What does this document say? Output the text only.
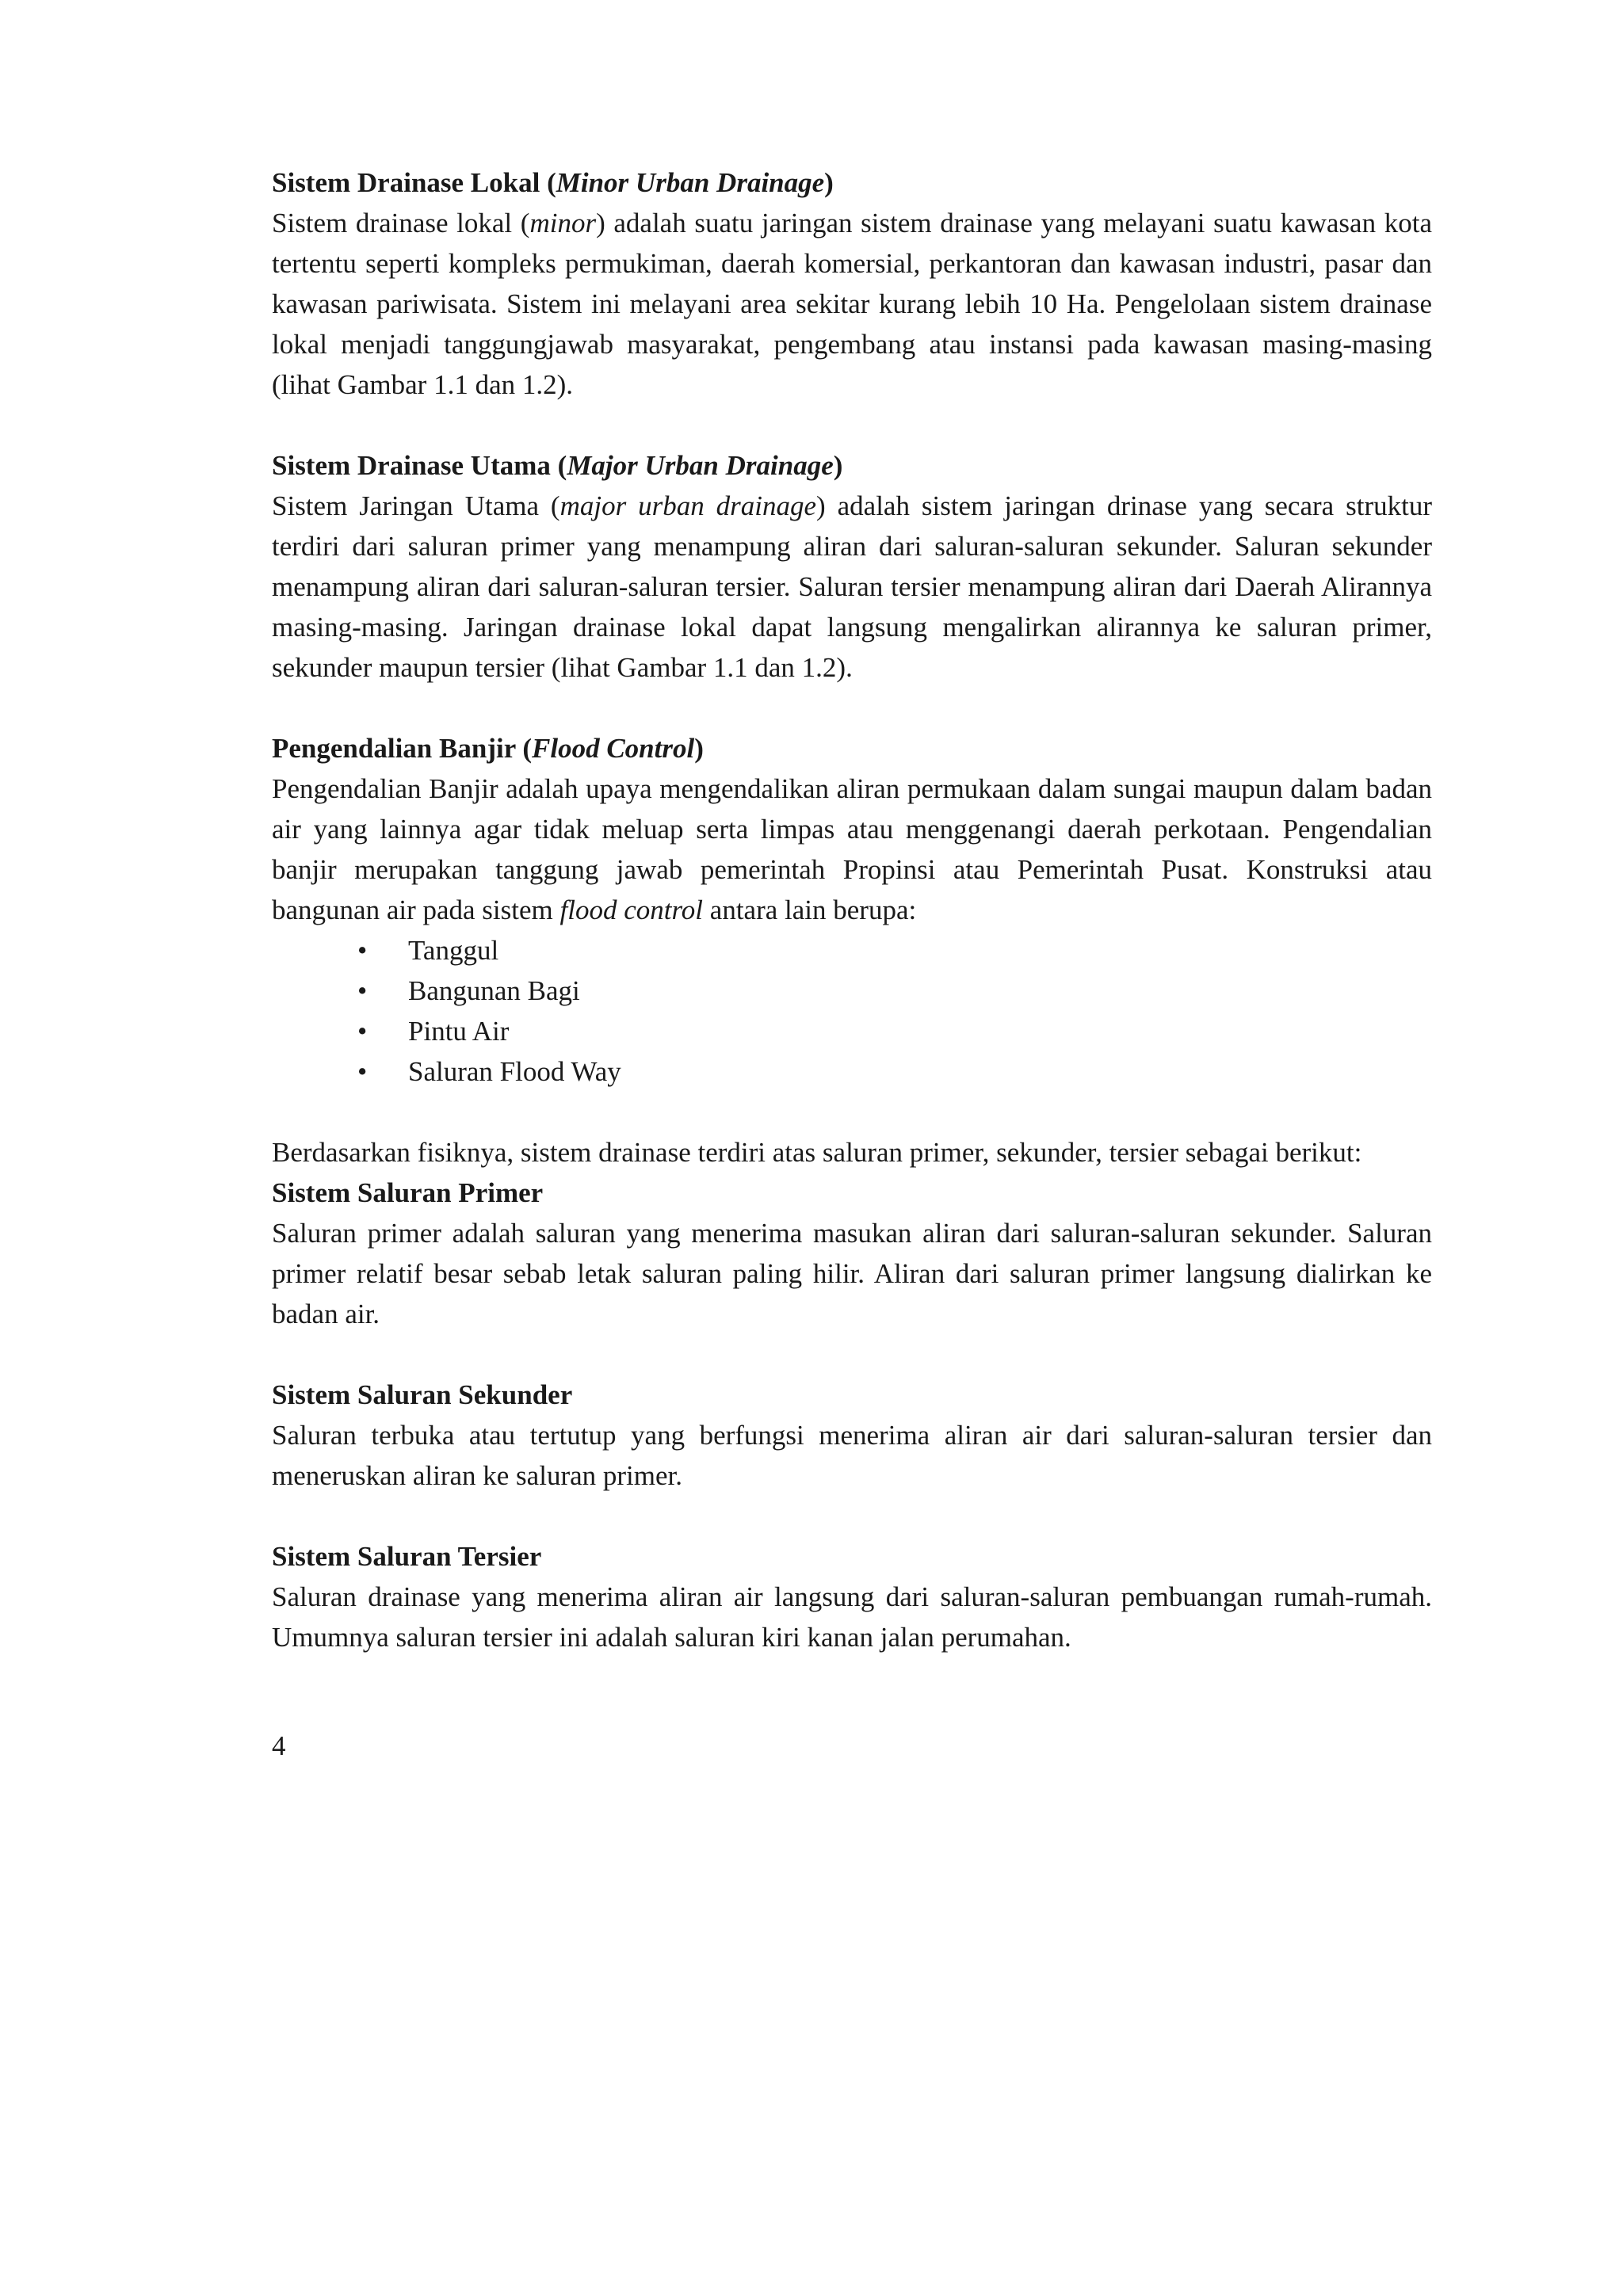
Sistem Drainase Lokal (Minor Urban Drainage)

Sistem drainase lokal (minor) adalah suatu jaringan sistem drainase yang melayani suatu kawasan kota tertentu seperti kompleks permukiman, daerah komersial, perkantoran dan kawasan industri, pasar dan kawasan pariwisata. Sistem ini melayani area sekitar kurang lebih 10 Ha. Pengelolaan sistem drainase lokal menjadi tanggungjawab masyarakat, pengembang atau instansi pada kawasan masing-masing (lihat Gambar 1.1 dan 1.2).

Sistem Drainase Utama (Major Urban Drainage)

Sistem Jaringan Utama (major urban drainage) adalah sistem jaringan drinase yang secara struktur terdiri dari saluran primer yang menampung aliran dari saluran-saluran sekunder. Saluran sekunder menampung aliran dari saluran-saluran tersier. Saluran tersier menampung aliran dari Daerah Alirannya masing-masing. Jaringan drainase lokal dapat langsung mengalirkan alirannya ke saluran primer, sekunder maupun tersier (lihat Gambar 1.1 dan 1.2).

Pengendalian Banjir (Flood Control)

Pengendalian Banjir adalah upaya mengendalikan aliran permukaan dalam sungai maupun dalam badan air yang lainnya agar tidak meluap serta limpas atau menggenangi daerah perkotaan. Pengendalian banjir merupakan tanggung jawab pemerintah Propinsi atau Pemerintah Pusat. Konstruksi atau bangunan air pada sistem flood control antara lain berupa:

• Tanggul
• Bangunan Bagi
• Pintu Air
• Saluran Flood Way

Berdasarkan fisiknya, sistem drainase terdiri atas saluran primer, sekunder, tersier sebagai berikut:

Sistem Saluran Primer

Saluran primer adalah saluran yang menerima masukan aliran dari saluran-saluran sekunder. Saluran primer relatif besar sebab letak saluran paling hilir. Aliran dari saluran primer langsung dialirkan ke badan air.

Sistem Saluran Sekunder

Saluran terbuka atau tertutup yang berfungsi menerima aliran air dari saluran-saluran tersier dan meneruskan aliran ke saluran primer.

Sistem Saluran Tersier

Saluran drainase yang menerima aliran air langsung dari saluran-saluran pembuangan rumah-rumah. Umumnya saluran tersier ini adalah saluran kiri kanan jalan perumahan.

4
